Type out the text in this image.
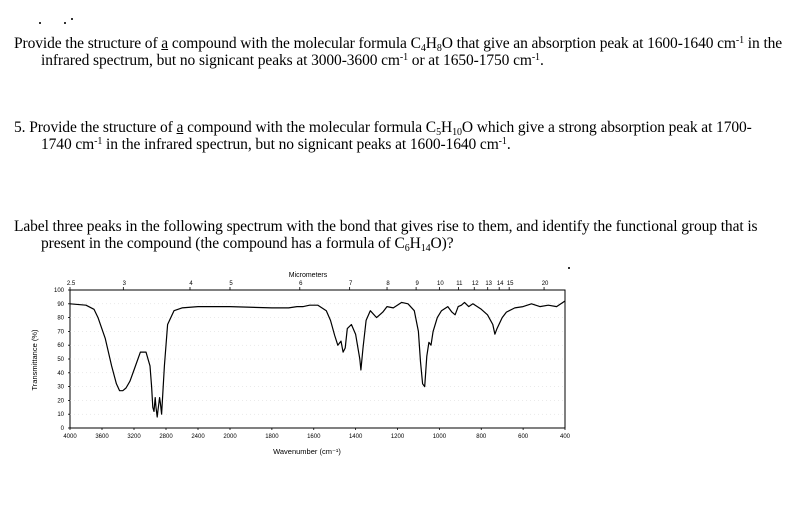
Provide the structure of a compound with the molecular formula $C_4H_8O$ that give an absorption peak at 1600-1640 $cm^{-1}$ in the
infrared spectrum, but no signicant peaks at 3000-3600 $cm^{-1}$ or at 1650-1750 $cm^{-1}$.
5. Provide the structure of a compound with the molecular formula $C_5H_{10}O$ which give a strong absorption peak at 1700-
1740 $cm^{-1}$ in the infrared spectrun, but no signicant peaks at 1600-1640 $cm^{-1}$.
Label three peaks in the following spectrum with the bond that gives rise to them, and identify the functional group that is
present in the compound (the compound has a formula of $C_6H_{14}O$)?
4000	3600	3200	2800	2400	2000	1800	1600	1400	1200	1000	800	600	400
100
90
80
70
60
50
40
30
20
10
0
2.5	3	4	5	6	7	8	9	10 11 12 13 14 15	20
Micrometers
Wavenumber (cm⁻¹)
Transmittance (%)
